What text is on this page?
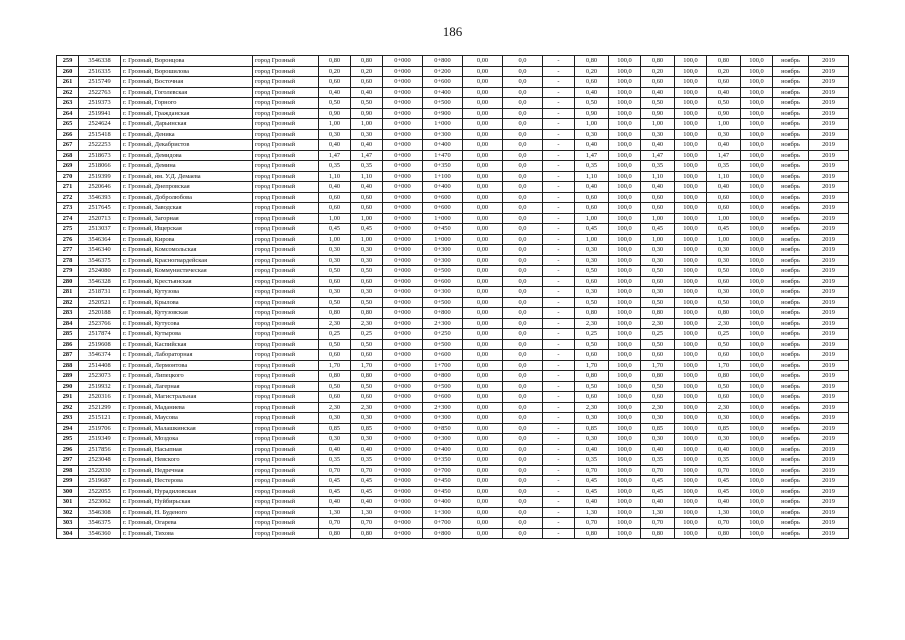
186
259	3546338	г. Грозный, Воронцова	город Грозный	0,80	0,80	0+000	0+800	0,00	0,0	-	0,80	100,0	0,80	100,0	0,80	100,0	ноябрь	2019
260	2516335	г. Грозный, Ворошилова	город Грозный	0,20	0,20	0+000	0+200	0,00	0,0	-	0,20	100,0	0,20	100,0	0,20	100,0	ноябрь	2019
261	2515749	г. Грозный, Восточная	город Грозный	0,60	0,60	0+000	0+600	0,00	0,0	-	0,60	100,0	0,60	100,0	0,60	100,0	ноябрь	2019
262	2522763	г. Грозный, Гоголевская	город Грозный	0,40	0,40	0+000	0+400	0,00	0,0	-	0,40	100,0	0,40	100,0	0,40	100,0	ноябрь	2019
263	2519373	г. Грозный, Горного	город Грозный	0,50	0,50	0+000	0+500	0,00	0,0	-	0,50	100,0	0,50	100,0	0,50	100,0	ноябрь	2019
264	2519941	г. Грозный, Гражданская	город Грозный	0,90	0,90	0+000	0+900	0,00	0,0	-	0,90	100,0	0,90	100,0	0,90	100,0	ноябрь	2019
265	2524624	г. Грозный, Дарьинская	город Грозный	1,00	1,00	0+000	1+000	0,00	0,0	-	1,00	100,0	1,00	100,0	1,00	100,0	ноябрь	2019
266	2515418	г. Грозный, Деника	город Грозный	0,30	0,30	0+000	0+300	0,00	0,0	-	0,30	100,0	0,30	100,0	0,30	100,0	ноябрь	2019
267	2522253	г. Грозный, Декабристов	город Грозный	0,40	0,40	0+000	0+400	0,00	0,0	-	0,40	100,0	0,40	100,0	0,40	100,0	ноябрь	2019
268	2518673	г. Грозный, Демидова	город Грозный	1,47	1,47	0+000	1+470	0,00	0,0	-	1,47	100,0	1,47	100,0	1,47	100,0	ноябрь	2019
269	2518066	г. Грозный, Демина	город Грозный	0,35	0,35	0+000	0+350	0,00	0,0	-	0,35	100,0	0,35	100,0	0,35	100,0	ноябрь	2019
270	2519399	г. Грозный, им. У.Д. Демаева	город Грозный	1,10	1,10	0+000	1+100	0,00	0,0	-	1,10	100,0	1,10	100,0	1,10	100,0	ноябрь	2019
271	2520646	г. Грозный, Днепровская	город Грозный	0,40	0,40	0+000	0+400	0,00	0,0	-	0,40	100,0	0,40	100,0	0,40	100,0	ноябрь	2019
272	3546393	г. Грозный, Добролюбова	город Грозный	0,60	0,60	0+000	0+600	0,00	0,0	-	0,60	100,0	0,60	100,0	0,60	100,0	ноябрь	2019
273	2517645	г. Грозный, Заводская	город Грозный	0,60	0,60	0+000	0+600	0,00	0,0	-	0,60	100,0	0,60	100,0	0,60	100,0	ноябрь	2019
274	2520713	г. Грозный, Загорная	город Грозный	1,00	1,00	0+000	1+000	0,00	0,0	-	1,00	100,0	1,00	100,0	1,00	100,0	ноябрь	2019
275	2513037	г. Грозный, Ищерская	город Грозный	0,45	0,45	0+000	0+450	0,00	0,0	-	0,45	100,0	0,45	100,0	0,45	100,0	ноябрь	2019
276	3546364	г. Грозный, Кирова	город Грозный	1,00	1,00	0+000	1+000	0,00	0,0	-	1,00	100,0	1,00	100,0	1,00	100,0	ноябрь	2019
277	3546340	г. Грозный, Комсомольская	город Грозный	0,30	0,30	0+000	0+300	0,00	0,0	-	0,30	100,0	0,30	100,0	0,30	100,0	ноябрь	2019
278	3546375	г. Грозный, Красногвардейская	город Грозный	0,30	0,30	0+000	0+300	0,00	0,0	-	0,30	100,0	0,30	100,0	0,30	100,0	ноябрь	2019
279	2524080	г. Грозный, Коммунистическая	город Грозный	0,50	0,50	0+000	0+500	0,00	0,0	-	0,50	100,0	0,50	100,0	0,50	100,0	ноябрь	2019
280	3546328	г. Грозный, Крестьянская	город Грозный	0,60	0,60	0+000	0+600	0,00	0,0	-	0,60	100,0	0,60	100,0	0,60	100,0	ноябрь	2019
281	2518731	г. Грозный, Кутузова	город Грозный	0,30	0,30	0+000	0+300	0,00	0,0	-	0,30	100,0	0,30	100,0	0,30	100,0	ноябрь	2019
282	2520521	г. Грозный, Крылова	город Грозный	0,50	0,50	0+000	0+500	0,00	0,0	-	0,50	100,0	0,50	100,0	0,50	100,0	ноябрь	2019
283	2520188	г. Грозный, Кутузовская	город Грозный	0,80	0,80	0+000	0+800	0,00	0,0	-	0,80	100,0	0,80	100,0	0,80	100,0	ноябрь	2019
284	2523766	г. Грозный, Кутусова	город Грозный	2,30	2,30	0+000	2+300	0,00	0,0	-	2,30	100,0	2,30	100,0	2,30	100,0	ноябрь	2019
285	2517874	г. Грозный, Кутырова	город Грозный	0,25	0,25	0+000	0+250	0,00	0,0	-	0,25	100,0	0,25	100,0	0,25	100,0	ноябрь	2019
286	2519608	г. Грозный, Каспийская	город Грозный	0,50	0,50	0+000	0+500	0,00	0,0	-	0,50	100,0	0,50	100,0	0,50	100,0	ноябрь	2019
287	3546374	г. Грозный, Лабораторная	город Грозный	0,60	0,60	0+000	0+600	0,00	0,0	-	0,60	100,0	0,60	100,0	0,60	100,0	ноябрь	2019
288	2514408	г. Грозный, Лермонтова	город Грозный	1,70	1,70	0+000	1+700	0,00	0,0	-	1,70	100,0	1,70	100,0	1,70	100,0	ноябрь	2019
289	2523073	г. Грозный, Липецкого	город Грозный	0,80	0,80	0+000	0+800	0,00	0,0	-	0,80	100,0	0,80	100,0	0,80	100,0	ноябрь	2019
290	2519932	г. Грозный, Лагерная	город Грозный	0,50	0,50	0+000	0+500	0,00	0,0	-	0,50	100,0	0,50	100,0	0,50	100,0	ноябрь	2019
291	2520316	г. Грозный, Магистральная	город Грозный	0,60	0,60	0+000	0+600	0,00	0,0	-	0,60	100,0	0,60	100,0	0,60	100,0	ноябрь	2019
292	2521299	г. Грозный, Маданиева	город Грозный	2,30	2,30	0+000	2+300	0,00	0,0	-	2,30	100,0	2,30	100,0	2,30	100,0	ноябрь	2019
293	2515121	г. Грозный, Маусова	город Грозный	0,30	0,30	0+000	0+300	0,00	0,0	-	0,30	100,0	0,30	100,0	0,30	100,0	ноябрь	2019
294	2519706	г. Грозный, Малашкинская	город Грозный	0,85	0,85	0+000	0+850	0,00	0,0	-	0,85	100,0	0,85	100,0	0,85	100,0	ноябрь	2019
295	2519349	г. Грозный, Моздока	город Грозный	0,30	0,30	0+000	0+300	0,00	0,0	-	0,30	100,0	0,30	100,0	0,30	100,0	ноябрь	2019
296	2517856	г. Грозный, Насыпная	город Грозный	0,40	0,40	0+000	0+400	0,00	0,0	-	0,40	100,0	0,40	100,0	0,40	100,0	ноябрь	2019
297	2523048	г. Грозный, Невского	город Грозный	0,35	0,35	0+000	0+350	0,00	0,0	-	0,35	100,0	0,35	100,0	0,35	100,0	ноябрь	2019
298	2522030	г. Грозный, Недречная	город Грозный	0,70	0,70	0+000	0+700	0,00	0,0	-	0,70	100,0	0,70	100,0	0,70	100,0	ноябрь	2019
299	2519687	г. Грозный, Нестерова	город Грозный	0,45	0,45	0+000	0+450	0,00	0,0	-	0,45	100,0	0,45	100,0	0,45	100,0	ноябрь	2019
300	2522055	г. Грозный, Нурадиловская	город Грозный	0,45	0,45	0+000	0+450	0,00	0,0	-	0,45	100,0	0,45	100,0	0,45	100,0	ноябрь	2019
301	2523062	г. Грозный, Нуйбирьская	город Грозный	0,40	0,40	0+000	0+400	0,00	0,0	-	0,40	100,0	0,40	100,0	0,40	100,0	ноябрь	2019
302	3546308	г. Грозный, Н. Буденого	город Грозный	1,30	1,30	0+000	1+300	0,00	0,0	-	1,30	100,0	1,30	100,0	1,30	100,0	ноябрь	2019
303	3546375	г. Грозный, Огарева	город Грозный	0,70	0,70	0+000	0+700	0,00	0,0	-	0,70	100,0	0,70	100,0	0,70	100,0	ноябрь	2019
304	3546360	г. Грозный, Тихова	город Грозный	0,80	0,80	0+000	0+800	0,00	0,0	-	0,80	100,0	0,80	100,0	0,80	100,0	ноябрь	2019
